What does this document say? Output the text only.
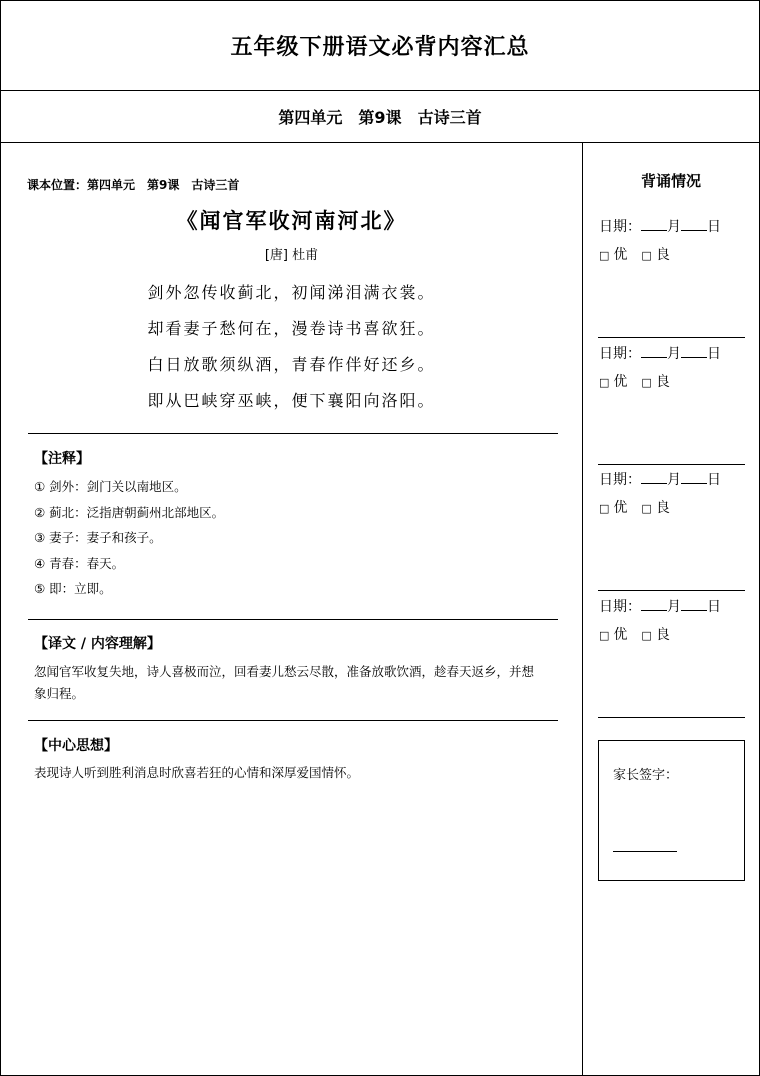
五年级下册语文必背内容汇总
第四单元 第9课 古诗三首
课本位置：第四单元 第9课 古诗三首
《闻官军收河南河北》
[唐] 杜甫
剑外忽传收蓟北，初闻涕泪满衣裳。
却看妻子愁何在，漫卷诗书喜欲狂。
白日放歌须纵酒，青春作伴好还乡。
即从巴峡穿巫峡，便下襄阳向洛阳。
【注释】
① 剑外：剑门关以南地区。
② 蓟北：泛指唐朝蓟州北部地区。
③ 妻子：妻子和孩子。
④ 青春：春天。
⑤ 即：立即。
【译文 / 内容理解】
忽闻官军收复失地，诗人喜极而泣，回看妻儿愁云尽散，准备放歌饮酒，趁春天返乡，并想象归程。
【中心思想】
表现诗人听到胜利消息时欣喜若狂的心情和深厚爱国情怀。
背诵情况
日期： 月 日
□ 优 □ 良
日期： 月 日
□ 优 □ 良
日期： 月 日
□ 优 □ 良
日期： 月 日
□ 优 □ 良
家长签字：
